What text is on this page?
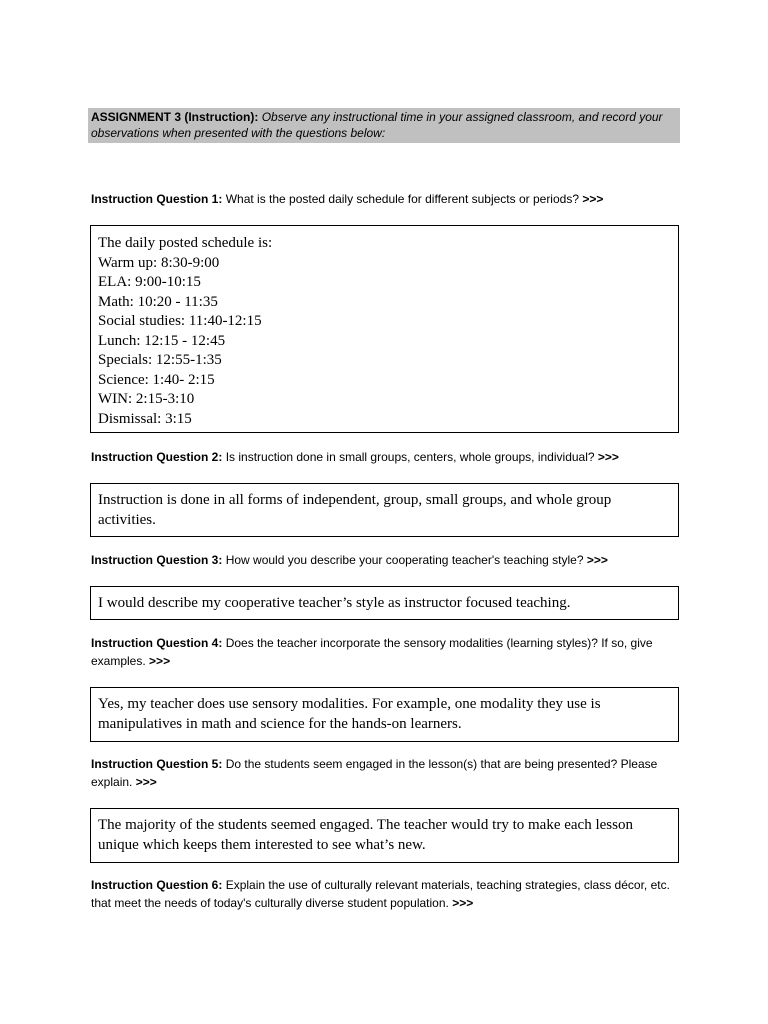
ASSIGNMENT 3 (Instruction): Observe any instructional time in your assigned classroom, and record your observations when presented with the questions below:
Instruction Question 1: What is the posted daily schedule for different subjects or periods? >>>
The daily posted schedule is:
Warm up: 8:30-9:00
ELA: 9:00-10:15
Math: 10:20 - 11:35
Social studies: 11:40-12:15
Lunch: 12:15 - 12:45
Specials: 12:55-1:35
Science: 1:40- 2:15
WIN: 2:15-3:10
Dismissal: 3:15
Instruction Question 2: Is instruction done in small groups, centers, whole groups, individual? >>>
Instruction is done in all forms of independent, group, small groups, and whole group activities.
Instruction Question 3: How would you describe your cooperating teacher's teaching style? >>>
I would describe my cooperative teacher’s style as instructor focused teaching.
Instruction Question 4: Does the teacher incorporate the sensory modalities (learning styles)? If so, give examples. >>>
Yes, my teacher does use sensory modalities. For example, one modality they use is manipulatives in math and science for the hands-on learners.
Instruction Question 5: Do the students seem engaged in the lesson(s) that are being presented? Please explain. >>>
The majority of the students seemed engaged. The teacher would try to make each lesson unique which keeps them interested to see what’s new.
Instruction Question 6: Explain the use of culturally relevant materials, teaching strategies, class décor, etc. that meet the needs of today's culturally diverse student population. >>>
